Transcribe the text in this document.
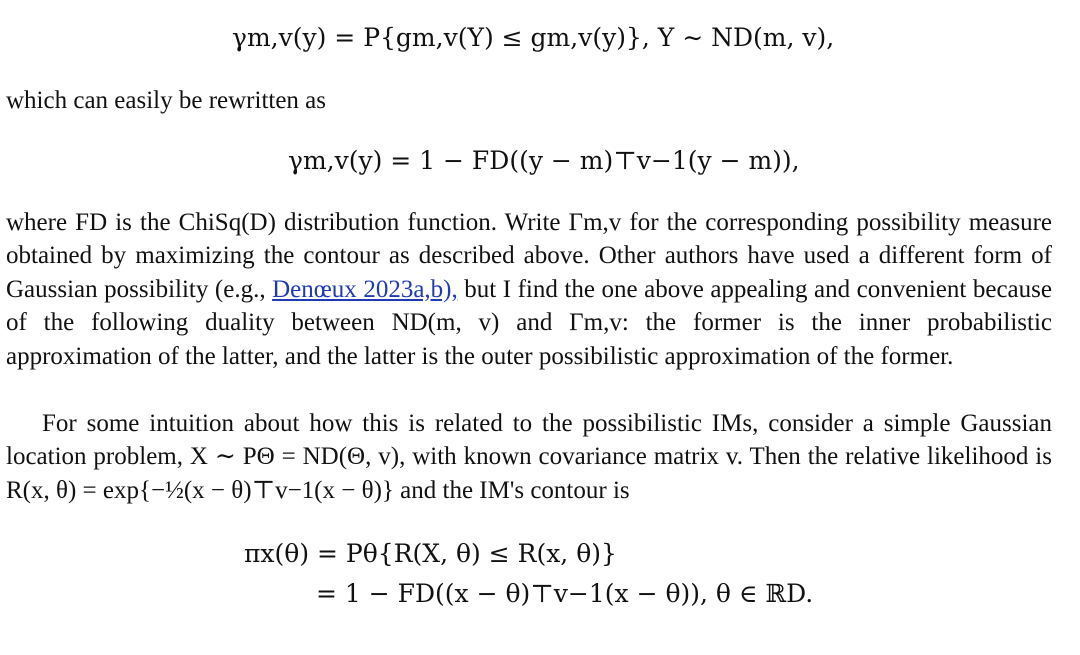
γm,v(y) = P{gm,v(Y) ≤ gm,v(y)}, Y ∼ ND(m, v),
which can easily be rewritten as
γm,v(y) = 1 − FD((y − m)⊤v−1(y − m)),
where FD is the ChiSq(D) distribution function. Write Γm,v for the corresponding possibility measure obtained by maximizing the contour as described above. Other authors have used a different form of Gaussian possibility (e.g., Denœux 2023a,b), but I find the one above appealing and convenient because of the following duality between ND(m, v) and Γm,v: the former is the inner probabilistic approximation of the latter, and the latter is the outer possibilistic approximation of the former.
For some intuition about how this is related to the possibilistic IMs, consider a simple Gaussian location problem, X ∼ PΘ = ND(Θ, v), with known covariance matrix v. Then the relative likelihood is R(x, θ) = exp{−½(x − θ)⊤v−1(x − θ)} and the IM's contour is
πx(θ) = Pθ{R(X, θ) ≤ R(x, θ)}
= 1 − FD((x − θ)⊤v−1(x − θ)), θ ∈ ℝD.
